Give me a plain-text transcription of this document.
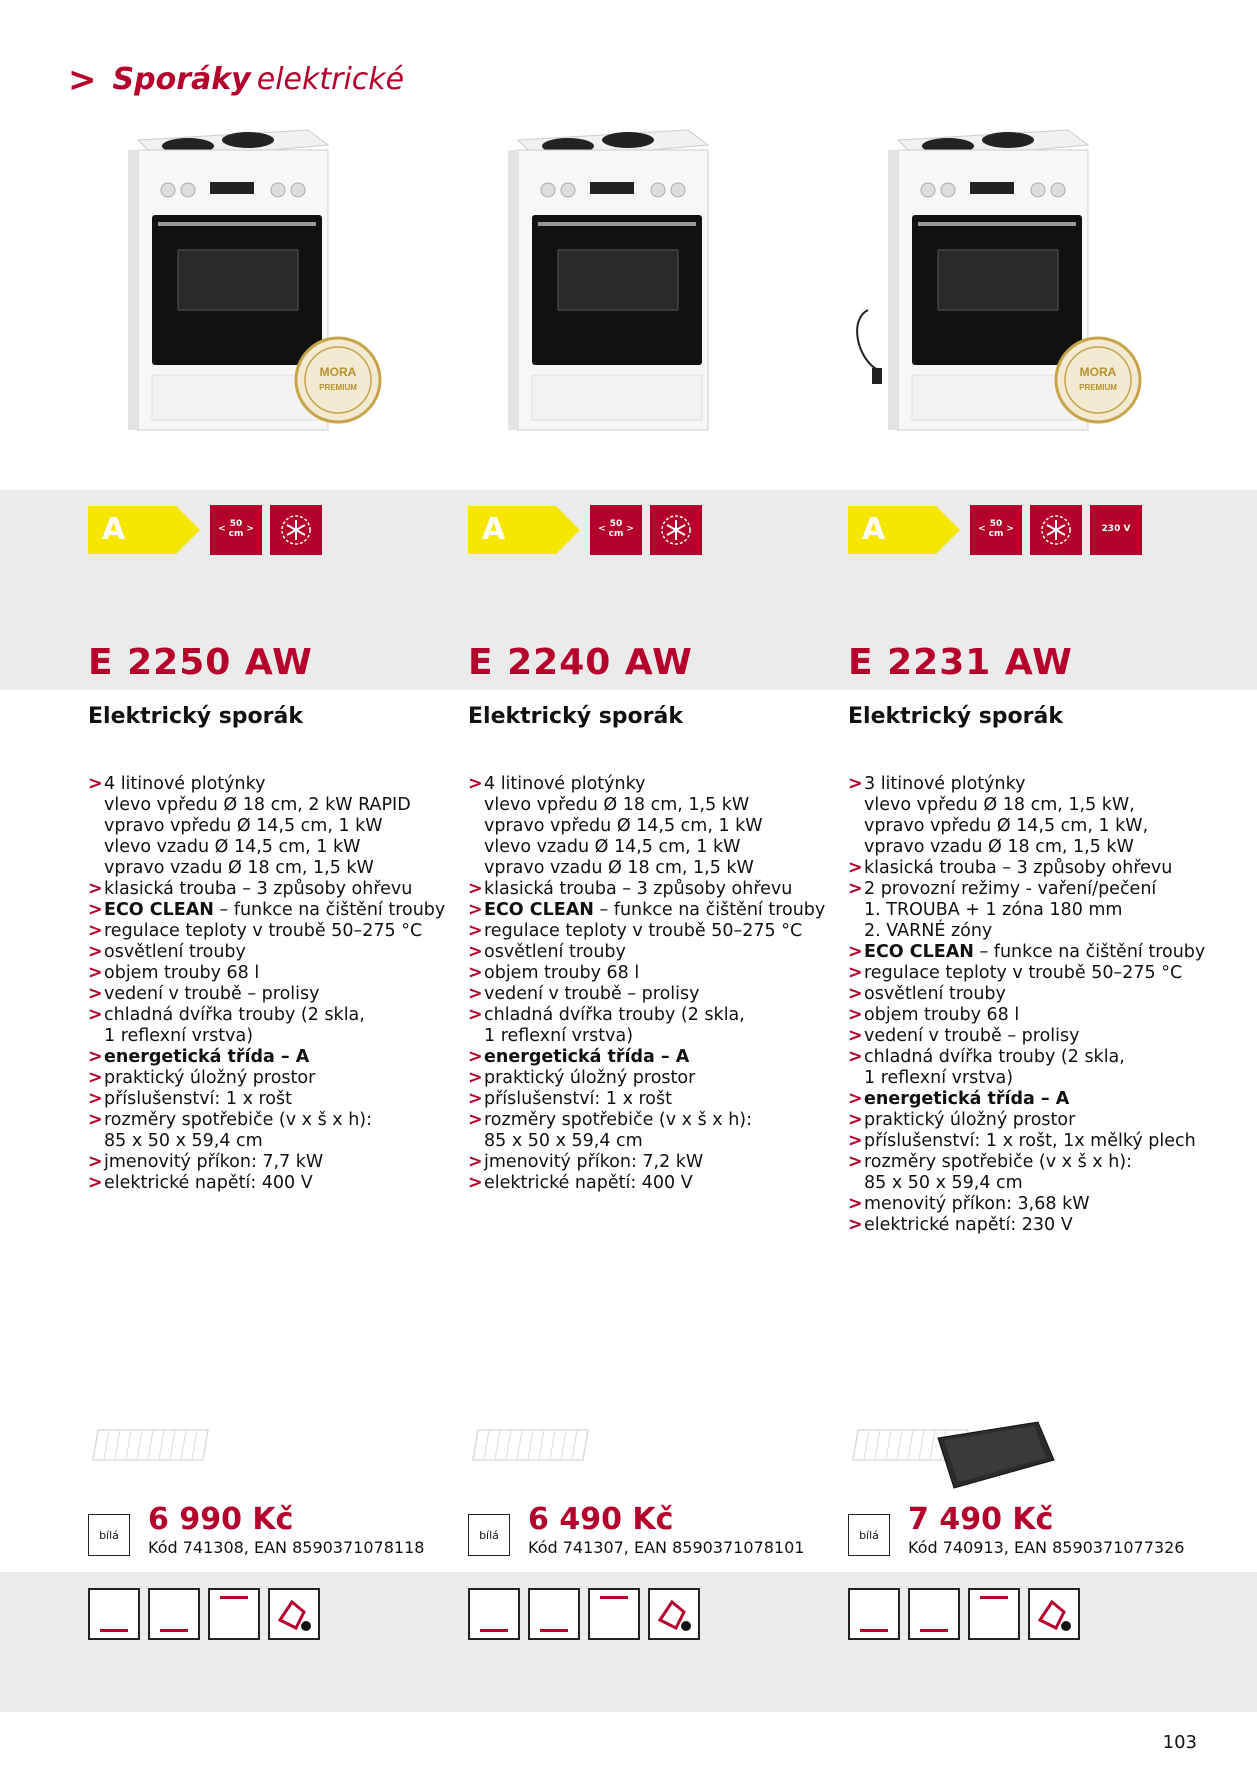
> Sporáky elektrické
MORA
PREMIUM
A	< 50
cm >
E 2250 AW
Elektrický sporák
> 4 litinové plotýnky
vlevo vpředu Ø 18 cm, 2 kW RAPID
vpravo vpředu Ø 14,5 cm, 1 kW
vlevo vzadu Ø 14,5 cm, 1 kW
vpravo vzadu Ø 18 cm, 1,5 kW
> klasická trouba – 3 způsoby ohřevu
> ECO CLEAN – funkce na čištění trouby
> regulace teploty v troubě 50–275 °C
> osvětlení trouby
> objem trouby 68 l
> vedení v troubě – prolisy
> chladná dvířka trouby (2 skla,
1 reflexní vrstva)
> energetická třída – A
> praktický úložný prostor
> příslušenství: 1 x rošt
> rozměry spotřebiče (v x š x h):
85 x 50 x 59,4 cm
> jmenovitý příkon: 7,7 kW
> elektrické napětí: 400 V
bílá 6 990 Kč
Kód 741308, EAN 8590371078118
A	< 50
cm >
E 2240 AW
Elektrický sporák
> 4 litinové plotýnky
vlevo vpředu Ø 18 cm, 1,5 kW
vpravo vpředu Ø 14,5 cm, 1 kW
vlevo vzadu Ø 14,5 cm, 1 kW
vpravo vzadu Ø 18 cm, 1,5 kW
> klasická trouba – 3 způsoby ohřevu
> ECO CLEAN – funkce na čištění trouby
> regulace teploty v troubě 50–275 °C
> osvětlení trouby
> objem trouby 68 l
> vedení v troubě – prolisy
> chladná dvířka trouby (2 skla,
1 reflexní vrstva)
> energetická třída – A
> praktický úložný prostor
> příslušenství: 1 x rošt
> rozměry spotřebiče (v x š x h):
85 x 50 x 59,4 cm
> jmenovitý příkon: 7,2 kW
> elektrické napětí: 400 V
bílá 6 490 Kč
Kód 741307, EAN 8590371078101
MORA
PREMIUM
A	< 50
cm >	230 V
E 2231 AW
Elektrický sporák
> 3 litinové plotýnky
vlevo vpředu Ø 18 cm, 1,5 kW,
vpravo vpředu Ø 14,5 cm, 1 kW,
vpravo vzadu Ø 18 cm, 1,5 kW
> klasická trouba – 3 způsoby ohřevu
> 2 provozní režimy - vaření/pečení
1. TROUBA + 1 zóna 180 mm
2. VARNÉ zóny
> ECO CLEAN – funkce na čištění trouby
> regulace teploty v troubě 50–275 °C
> osvětlení trouby
> objem trouby 68 l
> vedení v troubě – prolisy
> chladná dvířka trouby (2 skla,
1 reflexní vrstva)
> energetická třída – A
> praktický úložný prostor
> příslušenství: 1 x rošt, 1x mělký plech
> rozměry spotřebiče (v x š x h):
85 x 50 x 59,4 cm
> menovitý příkon: 3,68 kW
> elektrické napětí: 230 V
bílá 7 490 Kč
Kód 740913, EAN 8590371077326
103
